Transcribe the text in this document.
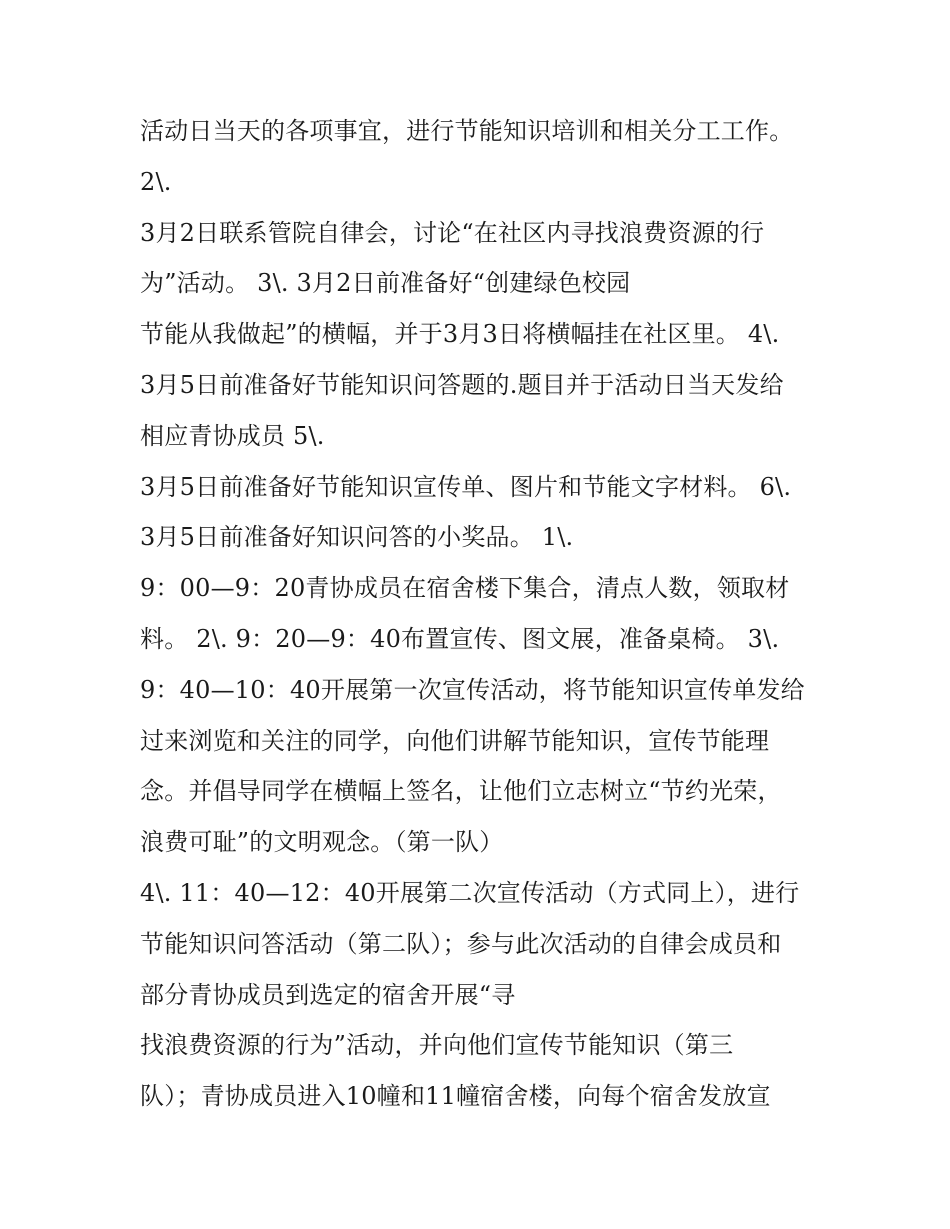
活动日当天的各项事宜，进行节能知识培训和相关分工工作。
2\.
3月2日联系管院自律会，讨论“在社区内寻找浪费资源的行
为”活动。 3\. 3月2日前准备好“创建绿色校园
节能从我做起”的横幅，并于3月3日将横幅挂在社区里。 4\.
3月5日前准备好节能知识问答题的.题目并于活动日当天发给
相应青协成员 5\.
3月5日前准备好节能知识宣传单、图片和节能文字材料。 6\.
3月5日前准备好知识问答的小奖品。 1\.
9：00—9：20青协成员在宿舍楼下集合，清点人数，领取材
料。 2\. 9：20—9：40布置宣传、图文展，准备桌椅。 3\.
9：40—10：40开展第一次宣传活动，将节能知识宣传单发给
过来浏览和关注的同学，向他们讲解节能知识，宣传节能理
念。并倡导同学在横幅上签名，让他们立志树立“节约光荣，
浪费可耻”的文明观念。（第一队）
4\. 11：40—12：40开展第二次宣传活动（方式同上），进行
节能知识问答活动（第二队）；参与此次活动的自律会成员和
部分青协成员到选定的宿舍开展“寻
找浪费资源的行为”活动，并向他们宣传节能知识（第三
队）；青协成员进入10幢和11幢宿舍楼，向每个宿舍发放宣
